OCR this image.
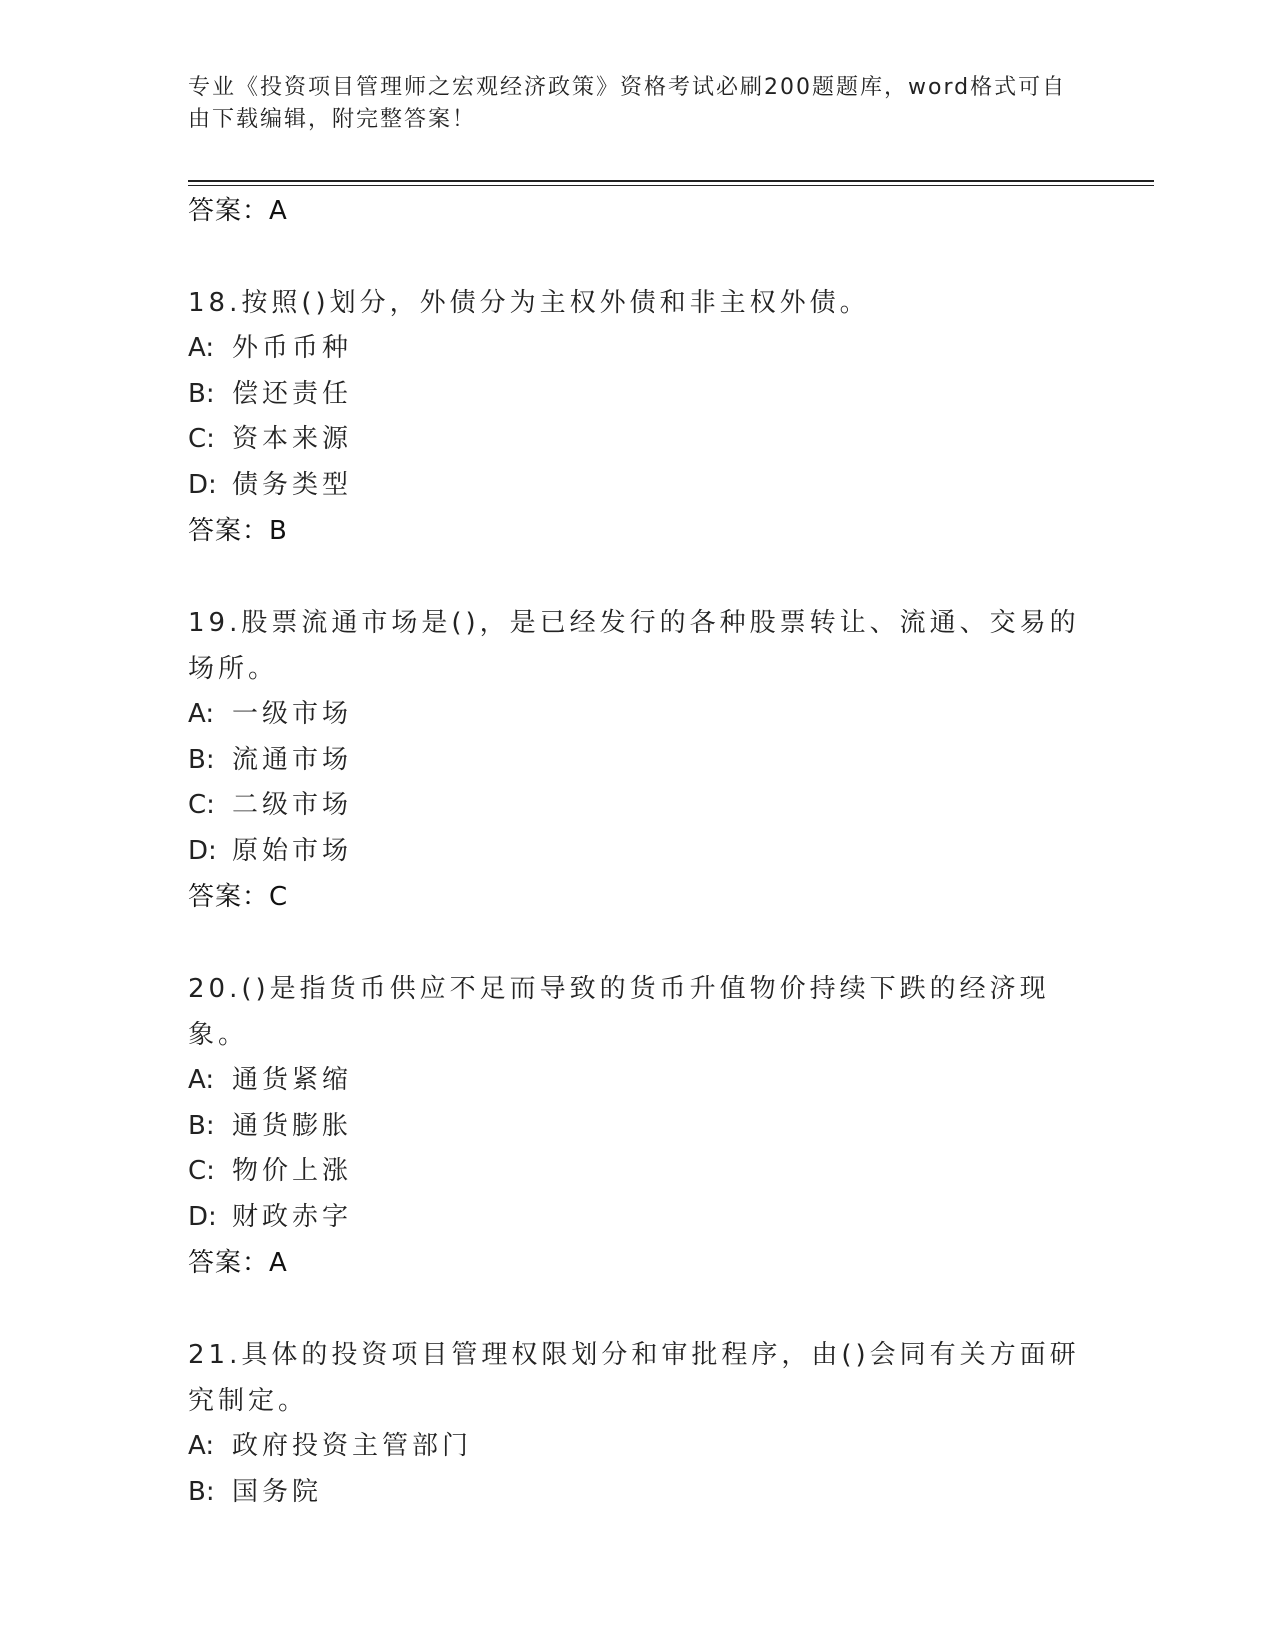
专业《投资项目管理师之宏观经济政策》资格考试必刷200题题库，word格式可自由下载编辑，附完整答案！

答案：A

18.按照()划分，外债分为主权外债和非主权外债。

A: 外币币种

B: 偿还责任

C: 资本来源

D: 债务类型

答案：B

19.股票流通市场是()，是已经发行的各种股票转让、流通、交易的场所。

A: 一级市场

B: 流通市场

C: 二级市场

D: 原始市场

答案：C

20.()是指货币供应不足而导致的货币升值物价持续下跌的经济现象。

A: 通货紧缩

B: 通货膨胀

C: 物价上涨

D: 财政赤字

答案：A

21.具体的投资项目管理权限划分和审批程序，由()会同有关方面研究制定。

A: 政府投资主管部门

B: 国务院
